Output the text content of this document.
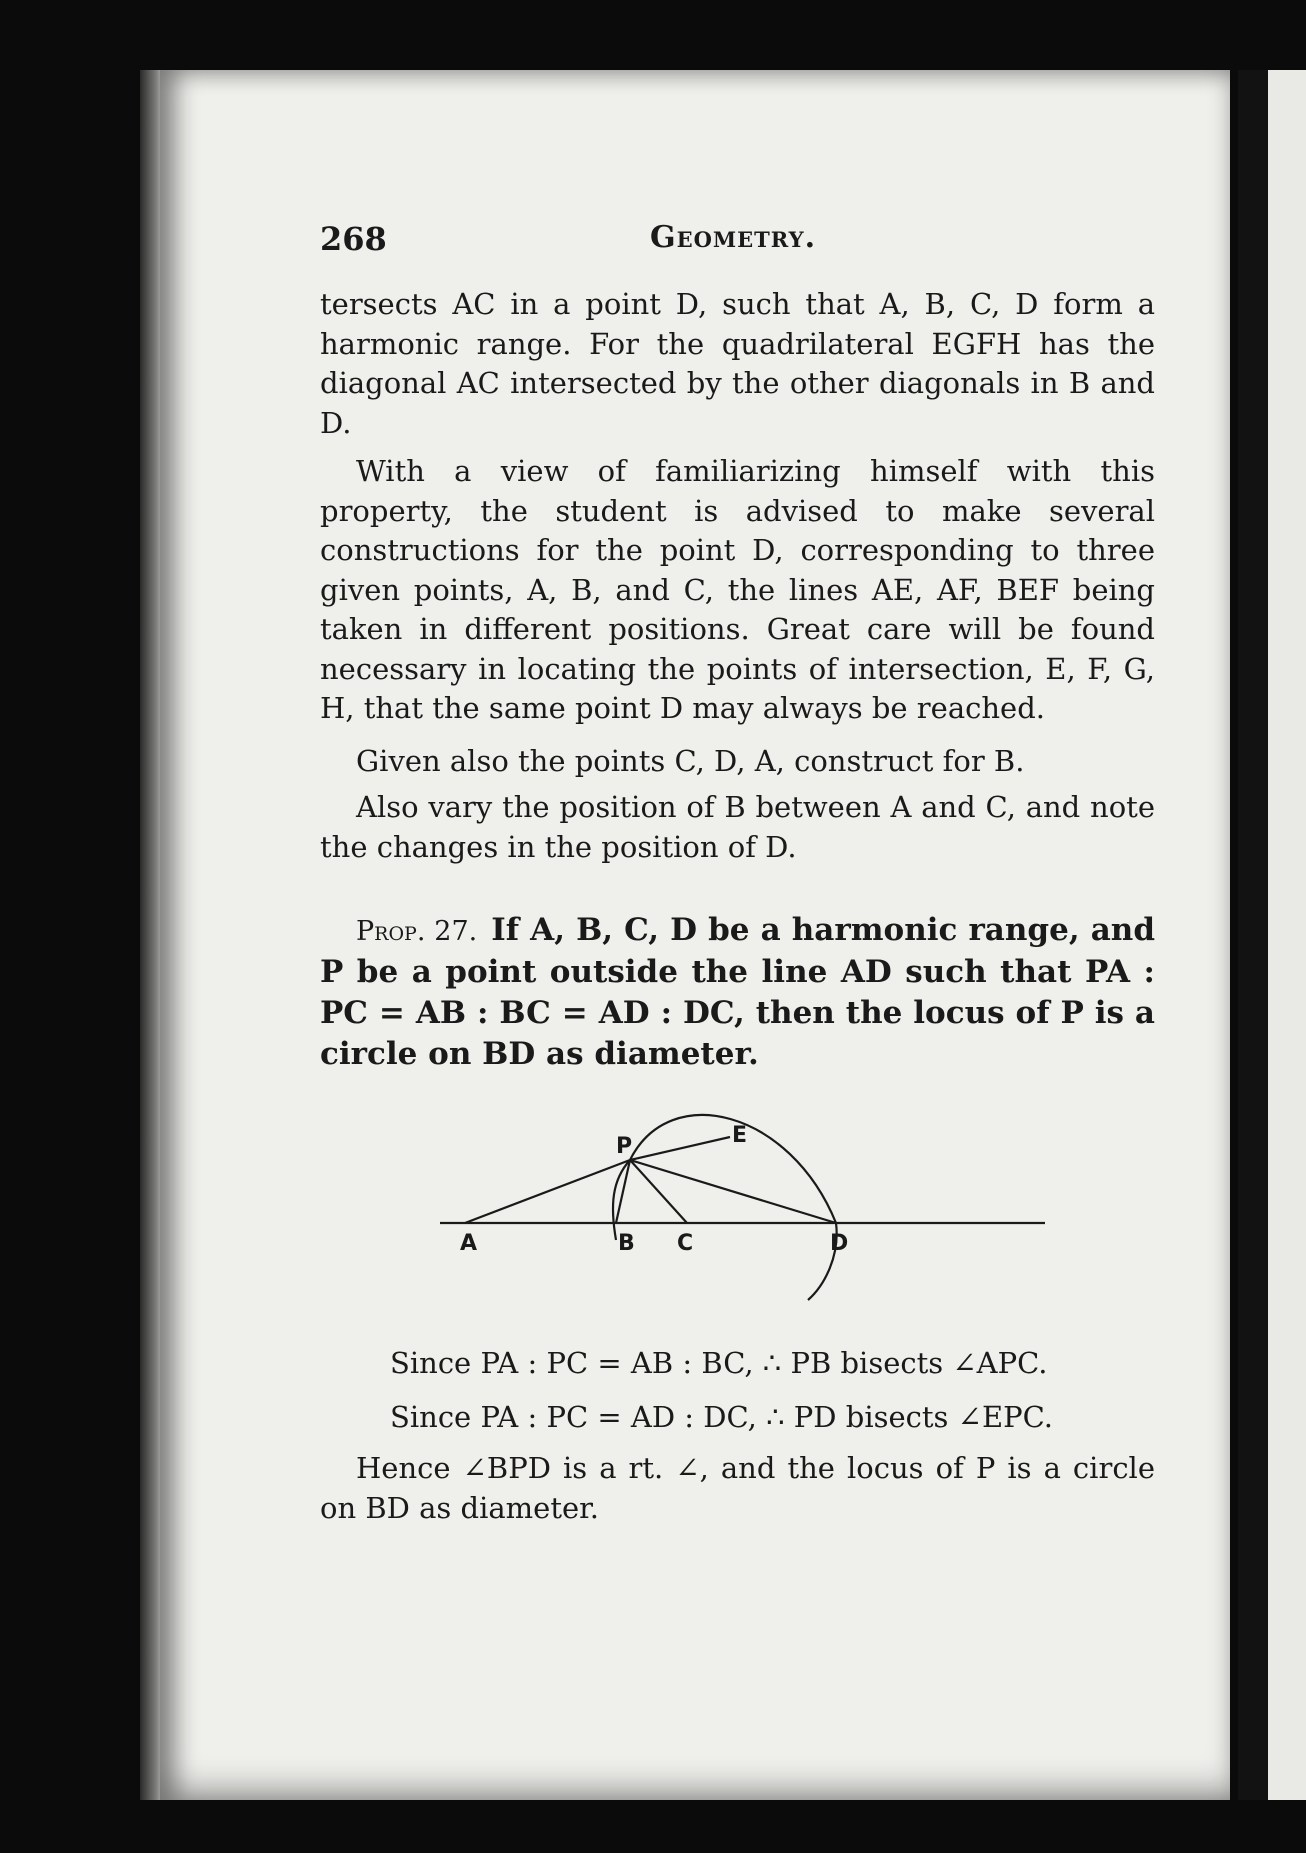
268	Geometry.
tersects AC in a point D, such that A, B, C, D form a harmonic range. For the quadrilateral EGFH has the diagonal AC intersected by the other diagonals in B and D.
With a view of familiarizing himself with this property, the student is advised to make several constructions for the point D, corresponding to three given points, A, B, and C, the lines AE, AF, BEF being taken in different positions. Great care will be found necessary in locating the points of intersection, E, F, G, H, that the same point D may always be reached.
Given also the points C, D, A, construct for B.
Also vary the position of B between A and C, and note the changes in the position of D.
Prop. 27. If A, B, C, D be a harmonic range, and P be a point outside the line AD such that PA : PC = AB : BC = AD : DC, then the locus of P is a circle on BD as diameter.
A	B C	D
P	E
Since PA : PC = AB : BC, ∴ PB bisects ∠APC.
Since PA : PC = AD : DC, ∴ PD bisects ∠EPC.
Hence ∠BPD is a rt. ∠, and the locus of P is a circle on BD as diameter.
